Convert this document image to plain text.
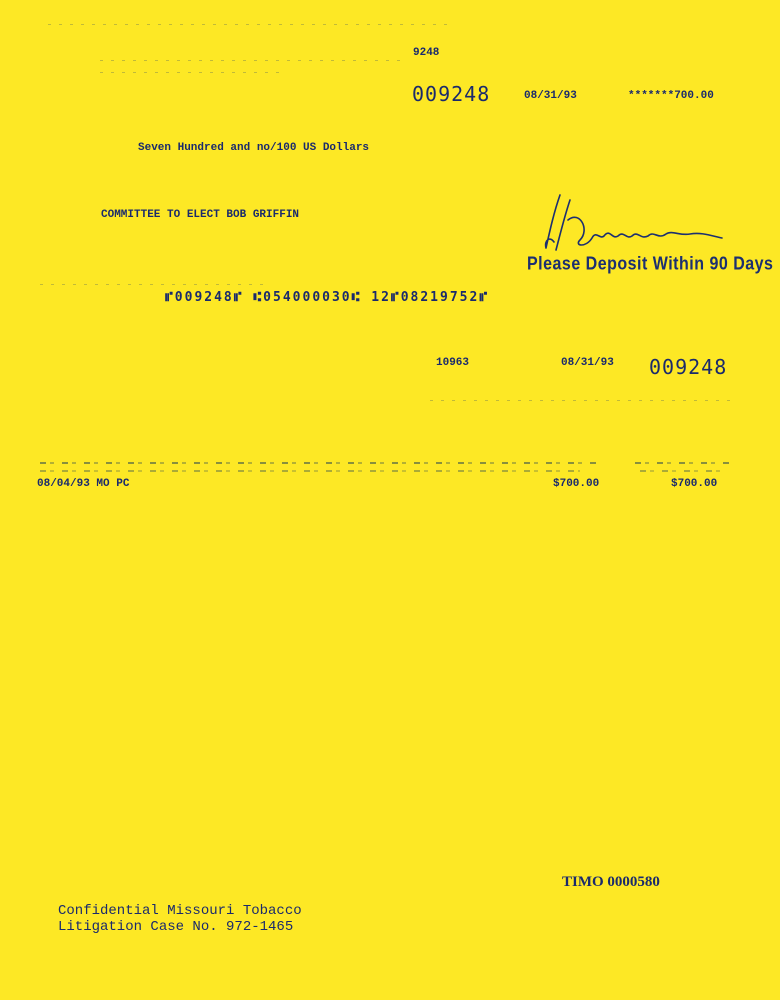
9248
009248	08/31/93	*******700.00
Seven Hundred and no/100 US Dollars
COMMITTEE TO ELECT BOB GRIFFIN
Please Deposit Within 90 Days
⑈009248⑈ ⑆054000030⑆ 12⑈08219752⑈
10963	08/31/93 009248
08/04/93 MO PC	$700.00	$700.00
TIMO 0000580
Confidential Missouri Tobacco
Litigation Case No. 972-1465
